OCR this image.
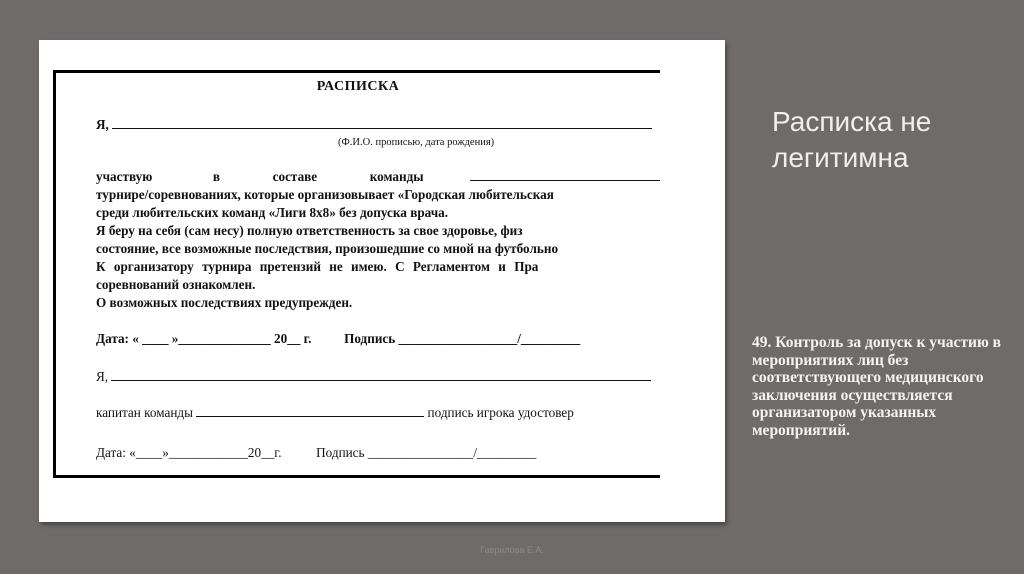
РАСПИСКА
Я,
(Ф.И.О. прописью, дата рождения)
участвую	в	составе	команды
турнире/соревнованиях, которые организовывает «Городская любительская
среди любительских команд «Лиги 8х8» без допуска врача.
Я беру на себя (сам несу) полную ответственность за свое здоровье, физ
состояние, все возможные последствия, произошедшие со мной на футбольно
К организатору турнира претензий не имею. С Регламентом и Пра
соревнований ознакомлен.
О возможных последствиях предупрежден.
Дата: « ____ »______________ 20__ г. Подпись __________________/_________
Я,
капитан команды	подпись игрока удостовер
Дата: «____»____________20__г.	Подпись ________________/_________
Расписка не легитимна
49. Контроль за допуск к участию в мероприятиях лиц без соответствующего медицинского заключения осуществляется организатором указанных мероприятий.
Гаврилова Е.А.
